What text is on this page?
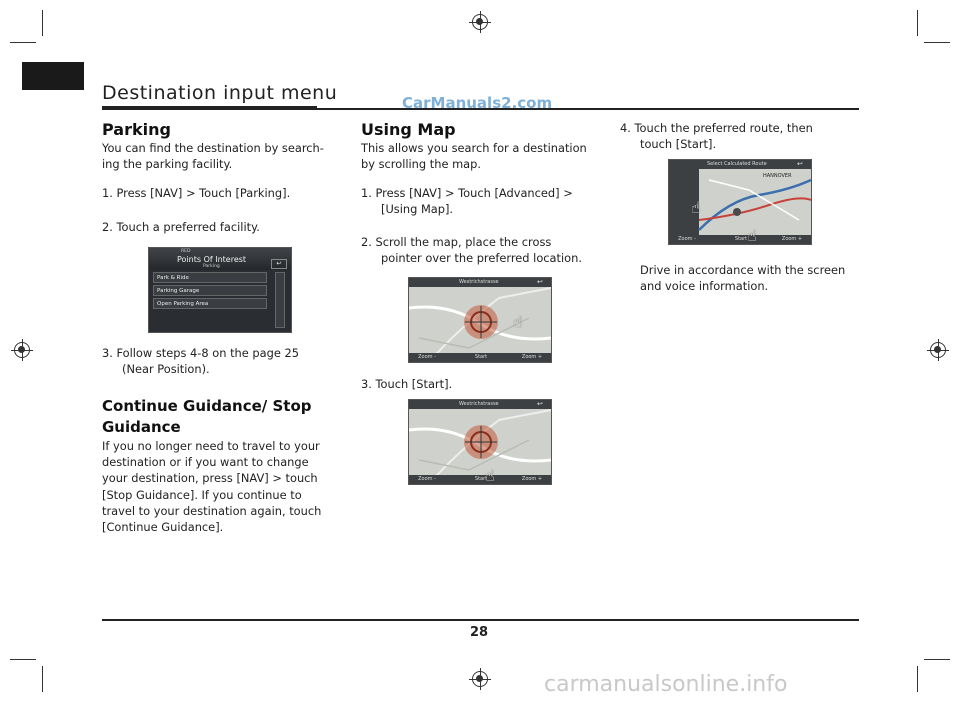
Destination input menu	CarManuals2.com
Parking
You can find the destination by search-
ing the parking facility.
1. Press [NAV] > Touch [Parking].
2. Touch a preferred facility.
RED
Points Of Interest
Parking	↩
Park & Ride
Parking Garage
Open Parking Area
3. Follow steps 4-8 on the page 25
(Near Position).
Continue Guidance/ Stop
Guidance
If you no longer need to travel to your
destination or if you want to change
your destination, press [NAV] > touch
[Stop Guidance]. If you continue to
travel to your destination again, touch
[Continue Guidance].
Using Map
This allows you search for a destination
by scrolling the map.
1. Press [NAV] > Touch [Advanced] >
[Using Map].
2. Scroll the map, place the cross
pointer over the preferred location.
Westrichstrasse	↩
Zoom -	Start	Zoom +
☝
3. Touch [Start].
Westrichstrasse	↩
Zoom -	Start	Zoom +
☝
4. Touch the preferred route, then
touch [Start].
Select Calculated Route	↩
HANNOVER
Zoom -	Start	Zoom +
☝
☝
Drive in accordance with the screen
and voice information.
28
carmanualsonline.info
